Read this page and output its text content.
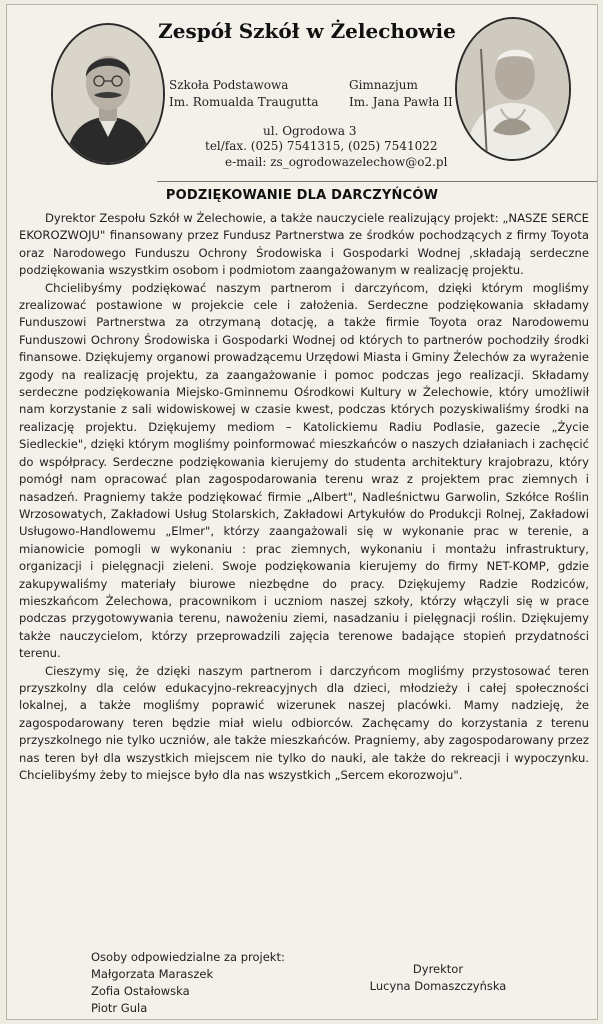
Zespół Szkół w Żelechowie
Szkoła Podstawowa
Im. Romualda Traugutta
Gimnazjum
Im. Jana Pawła II
ul. Ogrodowa 3
tel/fax. (025) 7541315, (025) 7541022
e-mail: zs_ogrodowazelechow@o2.pl
PODZIĘKOWANIE DLA DARCZYŃCÓW

Dyrektor Zespołu Szkół w Żelechowie, a także nauczyciele realizujący projekt: „NASZE SERCE EKOROZWOJU" finansowany przez Fundusz Partnerstwa ze środków pochodzących z firmy Toyota oraz Narodowego Funduszu Ochrony Środowiska i Gospodarki Wodnej ,składają serdeczne podziękowania wszystkim osobom i podmiotom zaangażowanym w realizację projektu.

Chcielibyśmy podziękować naszym partnerom i darczyńcom, dzięki którym mogliśmy zrealizować postawione w projekcie cele i założenia. Serdeczne podziękowania składamy Funduszowi Partnerstwa za otrzymaną dotację, a także firmie Toyota oraz Narodowemu Funduszowi Ochrony Środowiska i Gospodarki Wodnej od których to partnerów pochodziły środki finansowe. Dziękujemy organowi prowadzącemu Urzędowi Miasta i Gminy Żelechów za wyrażenie zgody na realizację projektu, za zaangażowanie i pomoc podczas jego realizacji. Składamy serdeczne podziękowania Miejsko-Gminnemu Ośrodkowi Kultury w Żelechowie, który umożliwił nam korzystanie z sali widowiskowej w czasie kwest, podczas których pozyskiwaliśmy środki na realizację projektu. Dziękujemy mediom – Katolickiemu Radiu Podlasie, gazecie „Życie Siedleckie", dzięki którym mogliśmy poinformować mieszkańców o naszych działaniach i zachęcić do współpracy. Serdeczne podziękowania kierujemy do studenta architektury krajobrazu, który pomógł nam opracować plan zagospodarowania terenu wraz z projektem prac ziemnych i nasadzeń. Pragniemy także podziękować firmie „Albert", Nadleśnictwu Garwolin, Szkółce Roślin Wrzosowatych, Zakładowi Usług Stolarskich, Zakładowi Artykułów do Produkcji Rolnej, Zakładowi Usługowo-Handlowemu „Elmer", którzy zaangażowali się w wykonanie prac w terenie, a mianowicie pomogli w wykonaniu : prac ziemnych, wykonaniu i montażu infrastruktury, organizacji i pielęgnacji zieleni. Swoje podziękowania kierujemy do firmy NET-KOMP, gdzie zakupywaliśmy materiały biurowe niezbędne do pracy. Dziękujemy Radzie Rodziców, mieszkańcom Żelechowa, pracownikom i uczniom naszej szkoły, którzy włączyli się w prace podczas przygotowywania terenu, nawożeniu ziemi, nasadzaniu i pielęgnacji roślin. Dziękujemy także nauczycielom, którzy przeprowadzili zajęcia terenowe badające stopień przydatności terenu.

Cieszymy się, że dzięki naszym partnerom i darczyńcom mogliśmy przystosować teren przyszkolny dla celów edukacyjno-rekreacyjnych dla dzieci, młodzieży i całej społeczności lokalnej, a także mogliśmy poprawić wizerunek naszej placówki. Mamy nadzieję, że zagospodarowany teren będzie miał wielu odbiorców. Zachęcamy do korzystania z terenu przyszkolnego nie tylko uczniów, ale także mieszkańców. Pragniemy, aby zagospodarowany przez nas teren był dla wszystkich miejscem nie tylko do nauki, ale także do rekreacji i wypoczynku. Chcielibyśmy żeby to miejsce było dla nas wszystkich „Sercem ekorozwoju".

Osoby odpowiedzialne za projekt:
Małgorzata Maraszek
Zofia Ostałowska
Piotr Gula
Dyrektor
Lucyna Domaszczyńska
